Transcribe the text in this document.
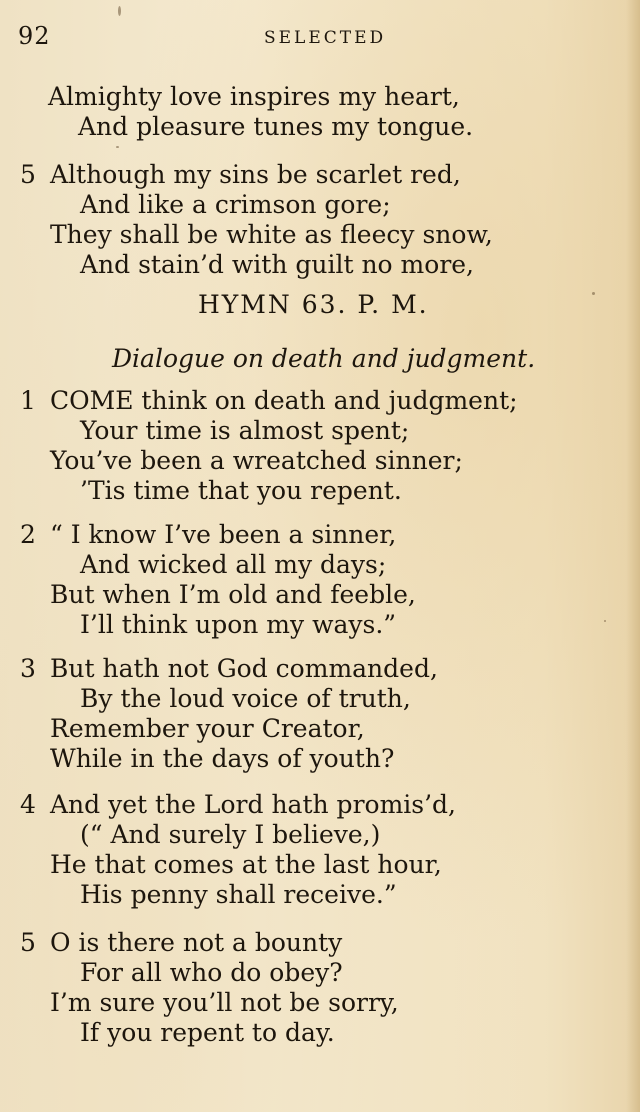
92	SELECTED
Almighty love inspires my heart,
And pleasure tunes my tongue.
5 Although my sins be scarlet red,
And like a crimson gore;
They shall be white as fleecy snow,
And stain’d with guilt no more,
HYMN 63. P. M.
Dialogue on death and judgment.
1 COME think on death and judgment;
Your time is almost spent;
You’ve been a wreatched sinner;
’Tis time that you repent.
2 “ I know I’ve been a sinner,
And wicked all my days;
But when I’m old and feeble,
I’ll think upon my ways.”
3 But hath not God commanded,
By the loud voice of truth,
Remember your Creator,
While in the days of youth?
4 And yet the Lord hath promis’d,
(“ And surely I believe,)
He that comes at the last hour,
His penny shall receive.”
5 O is there not a bounty
For all who do obey?
I’m sure you’ll not be sorry,
If you repent to day.
